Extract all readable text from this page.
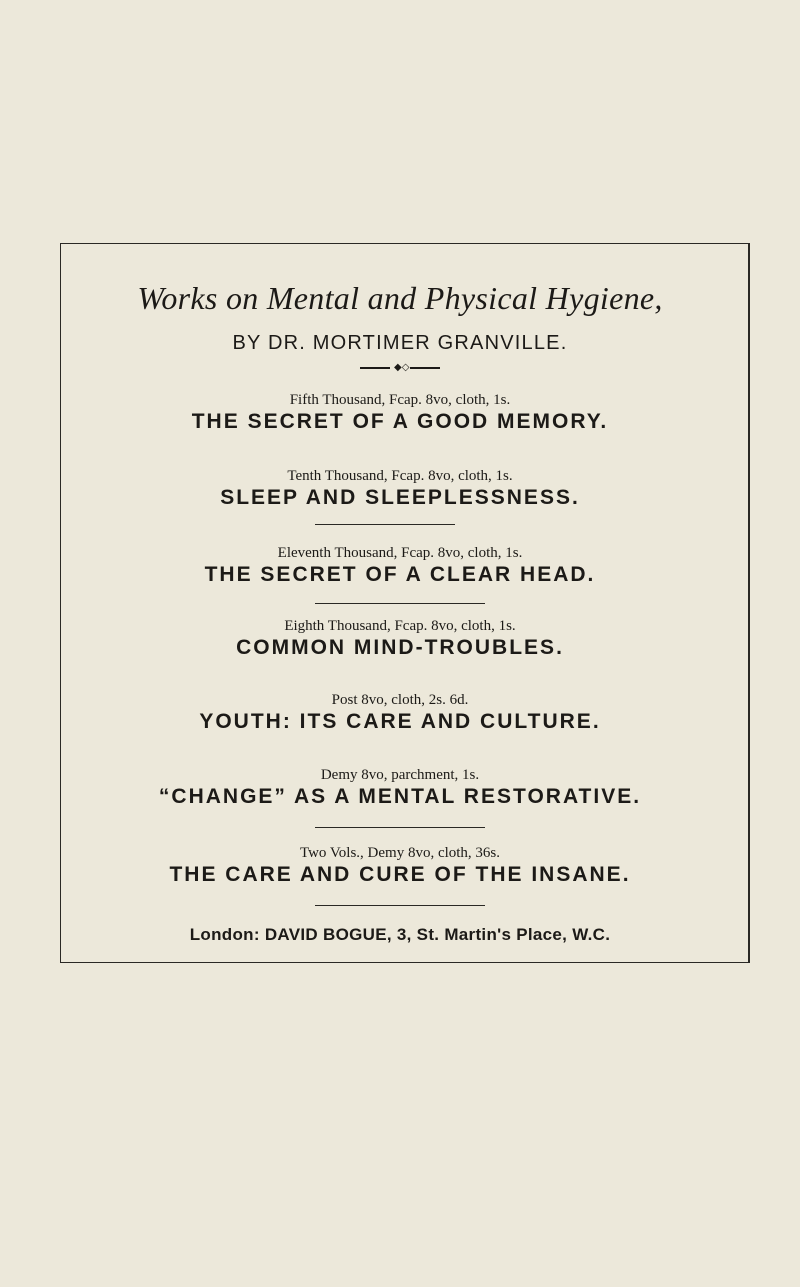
Works on Mental and Physical Hygiene,
BY DR. MORTIMER GRANVILLE.
◆◇
Fifth Thousand, Fcap. 8vo, cloth, 1s.
THE SECRET OF A GOOD MEMORY.
Tenth Thousand, Fcap. 8vo, cloth, 1s.
SLEEP AND SLEEPLESSNESS.
Eleventh Thousand, Fcap. 8vo, cloth, 1s.
THE SECRET OF A CLEAR HEAD.
Eighth Thousand, Fcap. 8vo, cloth, 1s.
COMMON MIND-TROUBLES.
Post 8vo, cloth, 2s. 6d.
YOUTH: ITS CARE AND CULTURE.
Demy 8vo, parchment, 1s.
“CHANGE” AS A MENTAL RESTORATIVE.
Two Vols., Demy 8vo, cloth, 36s.
THE CARE AND CURE OF THE INSANE.
London: DAVID BOGUE, 3, St. Martin's Place, W.C.
